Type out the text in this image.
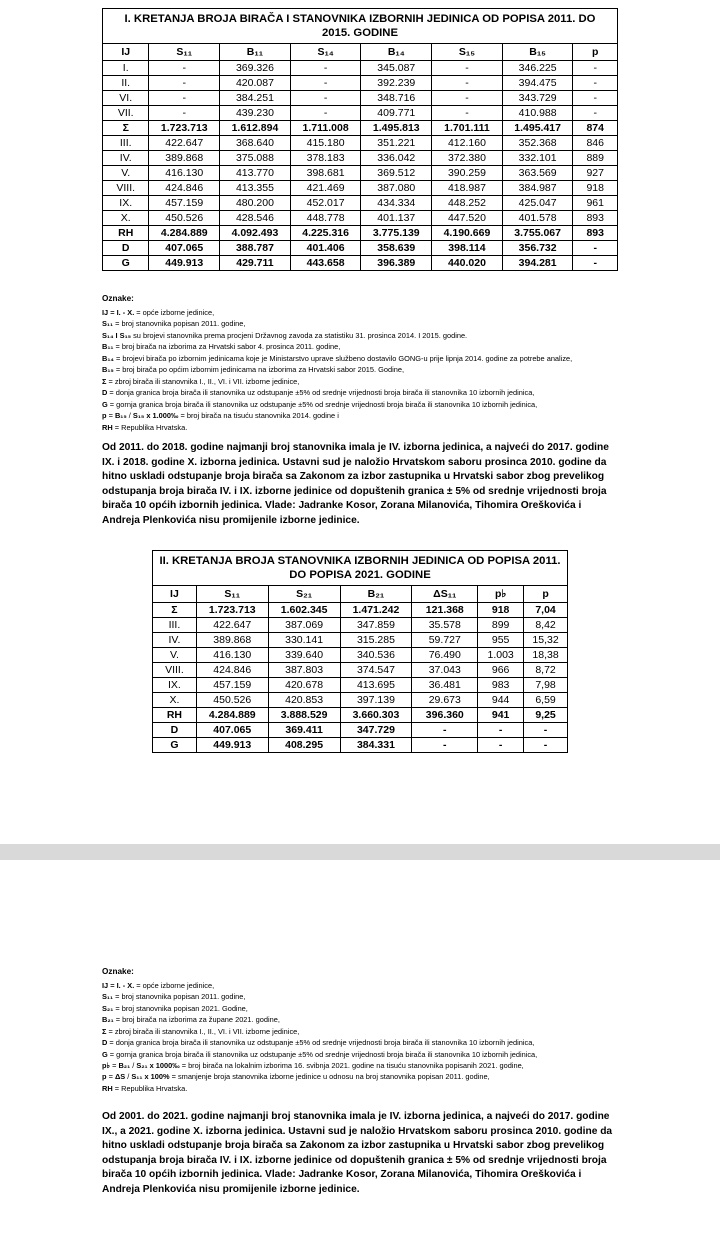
I. KRETANJA BROJA BIRAČA I STANOVNIKA IZBORNIH JEDINICA OD POPISA 2011. DO 2015. GODINE
IJ	S₁₁	B₁₁	S₁₄	B₁₄	S₁₅	B₁₅	p
I.	-	369.326	-	345.087	-	346.225	-
II.	-	420.087	-	392.239	-	394.475	-
VI.	-	384.251	-	348.716	-	343.729	-
VII.	-	439.230	-	409.771	-	410.988	-
Σ	1.723.713	1.612.894	1.711.008	1.495.813	1.701.111	1.495.417	874
III.	422.647	368.640	415.180	351.221	412.160	352.368	846
IV.	389.868	375.088	378.183	336.042	372.380	332.101	889
V.	416.130	413.770	398.681	369.512	390.259	363.569	927
VIII.	424.846	413.355	421.469	387.080	418.987	384.987	918
IX.	457.159	480.200	452.017	434.334	448.252	425.047	961
X.	450.526	428.546	448.778	401.137	447.520	401.578	893
RH	4.284.889	4.092.493	4.225.316	3.775.139	4.190.669	3.755.067	893
D	407.065	388.787	401.406	358.639	398.114	356.732	-
G	449.913	429.711	443.658	396.389	440.020	394.281	-
Oznake:

IJ = I. - X. = opće izborne jedinice,

S₁₁ = broj stanovnika popisan 2011. godine,

S₁₄ I S₁₅ su brojevi stanovnika prema procjeni Državnog zavoda za statistiku 31. prosinca 2014. I 2015. godine.

B₁₁ = broj birača na izborima za Hrvatski sabor 4. prosinca 2011. godine,

B₁₄ = brojevi birača po izbornim jedinicama koje je Ministarstvo uprave službeno dostavilo GONG-u prije lipnja 2014. godine za potrebe analize,

B₁₅ = broj birača po općim izbornim jedinicama na izborima za Hrvatski sabor 2015. Godine,

Σ = zbroj birača ili stanovnika I., II., VI. i VII. izborne jedinice,

D = donja granica broja birača ili stanovnika uz odstupanje ±5% od srednje vrijednosti broja birača ili stanovnika 10 izbornih jedinica,

G = gornja granica broja birača ili stanovnika uz odstupanje ±5% od srednje vrijednosti broja birača ili stanovnika 10 izbornih jedinica,

p = B₁₅ / S₁₅ x 1.000‰ = broj birača na tisuću stanovnika 2014. godine i

RH = Republika Hrvatska.

Od 2011. do 2018. godine najmanji broj stanovnika imala je IV. izborna jedinica, a najveći do 2017. godine IX. i 2018. godine X. izborna jedinica. Ustavni sud je naložio Hrvatskom saboru prosinca 2010. godine da hitno uskladi odstupanje broja birača sa Zakonom za izbor zastupnika u Hrvatski sabor zbog prevelikog odstupanja broja birača IV. i IX. izborne jedinice od dopuštenih granica ± 5% od srednje vrijednosti broja birača 10 općih izbornih jedinica. Vlade: Jadranke Kosor, Zorana Milanovića, Tihomira Oreškovića i Andreja Plenkovića nisu promijenile izborne jedinice.
II. KRETANJA BROJA STANOVNIKA IZBORNIH JEDINICA OD POPISA 2011. DO POPISA 2021. GODINE
IJ	S₁₁	S₂₁	B₂₁	ΔS₁₁	p♭	p
Σ	1.723.713	1.602.345	1.471.242	121.368	918	7,04
III.	422.647	387.069	347.859	35.578	899	8,42
IV.	389.868	330.141	315.285	59.727	955	15,32
V.	416.130	339.640	340.536	76.490	1.003	18,38
VIII.	424.846	387.803	374.547	37.043	966	8,72
IX.	457.159	420.678	413.695	36.481	983	7,98
X.	450.526	420.853	397.139	29.673	944	6,59
RH	4.284.889	3.888.529	3.660.303	396.360	941	9,25
D	407.065	369.411	347.729	-	-	-
G	449.913	408.295	384.331	-	-	-
Oznake:

IJ = I. - X. = opće izborne jedinice,

S₁₁ = broj stanovnika popisan 2011. godine,

S₂₁ = broj stanovnika popisan 2021. Godine,

B₂₁ = broj birača na izborima za župane 2021. godine,

Σ = zbroj birača ili stanovnika I., II., VI. i VII. izborne jedinice,

D = donja granica broja birača ili stanovnika uz odstupanje ±5% od srednje vrijednosti broja birača ili stanovnika 10 izbornih jedinica,

G = gornja granica broja birača ili stanovnika uz odstupanje ±5% od srednje vrijednosti broja birača ili stanovnika 10 izbornih jedinica,

p♭ = B₂₁ / S₂₁ x 1000‰ = broj birača na lokalnim izborima 16. svibnja 2021. godine na tisuću stanovnika popisanih 2021. godine,

p = ΔS / S₁₁ x 100% = smanjenje broja stanovnika izborne jedinice u odnosu na broj stanovnika popisan 2011. godine,

RH = Republika Hrvatska.

Od 2001. do 2021. godine najmanji broj stanovnika imala je IV. izborna jedinica, a najveći do 2017. godine IX., a 2021. godine X. izborna jedinica. Ustavni sud je naložio Hrvatskom saboru prosinca 2010. godine da hitno uskladi odstupanje broja birača sa Zakonom za izbor zastupnika u Hrvatski sabor zbog prevelikog odstupanja broja birača IV. i IX. izborne jedinice od dopuštenih granica ± 5% od srednje vrijednosti broja birača 10 općih izbornih jedinica. Vlade: Jadranke Kosor, Zorana Milanovića, Tihomira Oreškovića i Andreja Plenkovića nisu promijenile izborne jedinice.
